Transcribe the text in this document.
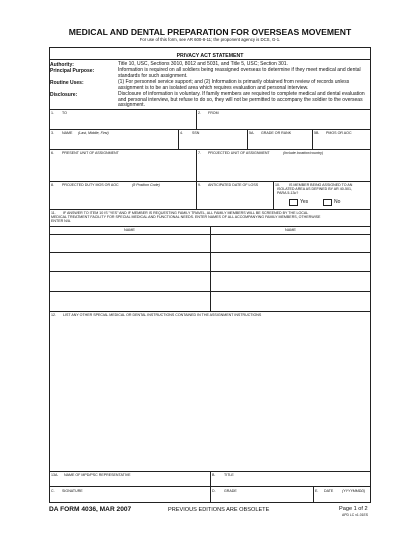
MEDICAL AND DENTAL PREPARATION FOR OVERSEAS MOVEMENT
For use of this form, see AR 600-8-11; the proponent agency is DCS, G-1.
PRIVACY ACT STATEMENT
Authority:	Title 10, USC, Sections 3010, 8012 and 5031, and Title 5, USC; Section 301.
Principal Purpose:	Information is required on all soldiers being reassigned overseas to determine if they meet medical and dental standards for such assignment.
Routine Uses:	(1) For personnel service support; and (2) Information is primarily obtained from review of records unless assignment is to be an isolated area which requires evaluation and personal interview.
Disclosure:	Disclosure of information is voluntary. If family members are required to complete medical and dental evaluation and personal interview, but refuse to do so, they will not be permitted to accompany the soldier to the overseas assignment.
1. TO	2. FROM
3. NAME (Last, Middle, First)	4.	SSN	5A. GRADE OR RANK	5B. PMOS OR AOC
6. PRESENT UNIT OF ASSIGNMENT	7. PROJECTED UNIT OF ASSIGNMENT	(Include location/country)
8. PROJECTED DUTY MOS OR AOC	(8 Position Code)	9. ANTICIPATED DATE OF LOSS	10.	IS MEMBER BEING ASSIGNED TO AN
ISOLATED AREA AS DEFINED BY AR 40-501,
PARA 5-13c?
Yes	No
11. IF ANSWER TO ITEM 10 IS "YES" AND IF MEMBER IS REQUESTING FAMILY TRAVEL, ALL FAMILY MEMBERS WILL BE SCREENED BY THE LOCAL
MEDICAL TREATMENT FACILITY FOR SPECIAL MEDICAL AND FUNCTIONAL NEEDS. ENTER NAMES OF ALL ACCOMPANYING FAMILY MEMBERS, OTHERWISE
ENTER N/A.
NAME	NAME
12. LIST ANY OTHER SPECIAL MEDICAL OR DENTAL INSTRUCTIONS CONTAINED IN THE ASSIGNMENT INSTRUCTIONS
13A. NAME OF MPD/PSC REPRESENTATIVE	B. TITLE
C. SIGNATURE	D. GRADE	E. DATE (YYYYMMDD)
DA FORM 4036, MAR 2007	PREVIOUS EDITIONS ARE OBSOLETE	Page 1 of 2
APD LC v1.01ES
